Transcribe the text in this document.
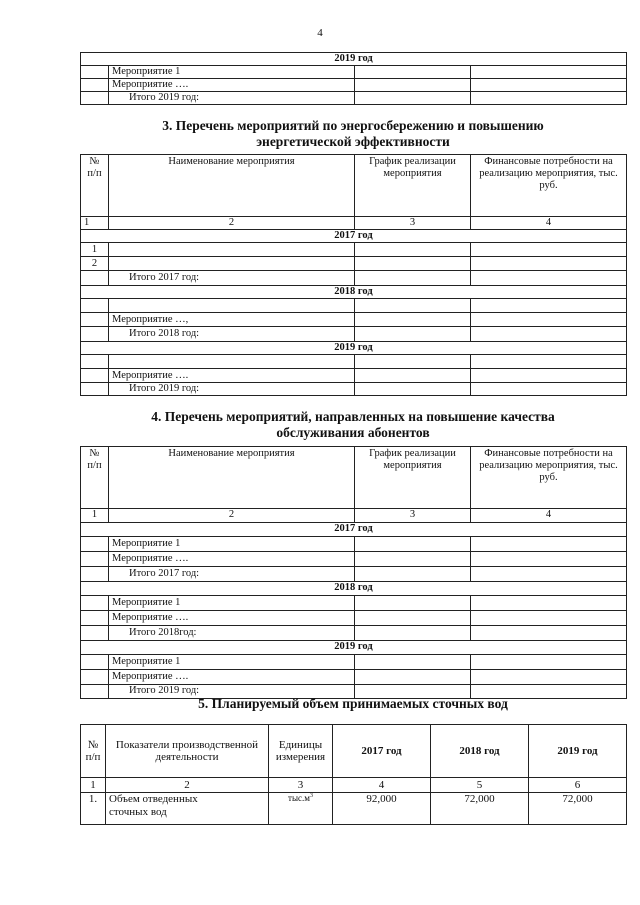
4
2019 год			
	Мероприятие 1		
	Мероприятие ….		
	Итого 2019 год:		
3. Перечень мероприятий по энергосбережению и повышению
энергетической эффективности
№ п/п	Наименование мероприятия	График реализации мероприятия	Финансовые потребности на реализацию мероприятия, тыс. руб.
1	2	3	4
2017 год			
1			
2			
	Итого 2017 год:		
2018 год			

	Мероприятие …,		
	Итого 2018 год:		
2019 год			

	Мероприятие ….		
	Итого 2019 год:		
4. Перечень мероприятий, направленных на повышение качества
обслуживания абонентов
№ п/п	Наименование мероприятия	График реализации мероприятия	Финансовые потребности на реализацию мероприятия, тыс. руб.
1	2	3	4
2017 год			
	Мероприятие 1		
	Мероприятие ….		
	Итого 2017 год:		
2018 год			
	Мероприятие 1		
	Мероприятие ….		
	Итого 2018год:		
2019 год			
	Мероприятие 1		
	Мероприятие ….		
	Итого 2019 год:		
5. Планируемый объем принимаемых сточных вод
№ п/п	Показатели производственной деятельности	Единицы измерения	2017 год	2018 год	2019 год
1	2	3	4	5	6
1.	Объем отведенных сточных вод	$тыс.м^3$	92,000	72,000	72,000
